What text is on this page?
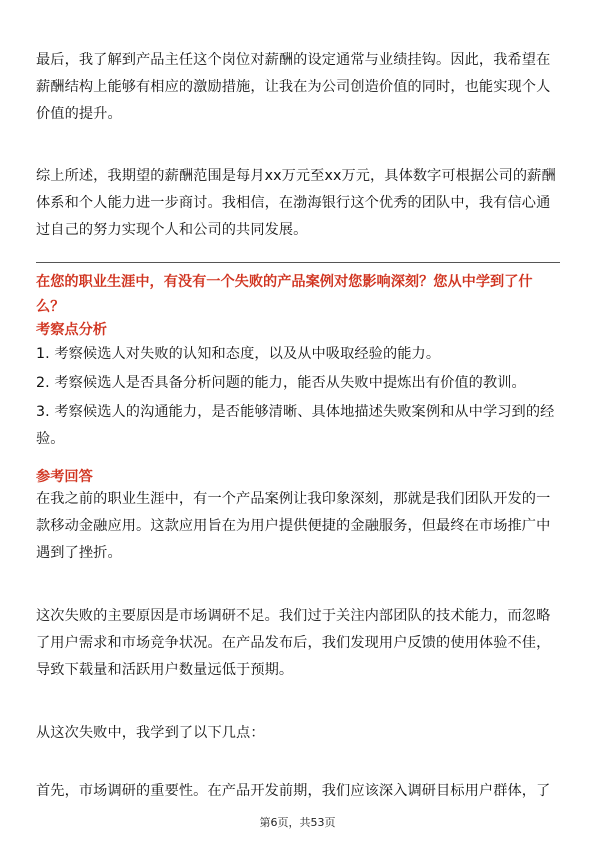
最后，我了解到产品主任这个岗位对薪酬的设定通常与业绩挂钩。因此，我希望在薪酬结构上能够有相应的激励措施，让我在为公司创造价值的同时，也能实现个人价值的提升。

综上所述，我期望的薪酬范围是每月xx万元至xx万元，具体数字可根据公司的薪酬体系和个人能力进一步商讨。我相信，在渤海银行这个优秀的团队中，我有信心通过自己的努力实现个人和公司的共同发展。

在您的职业生涯中，有没有一个失败的产品案例对您影响深刻？您从中学到了什么？

考察点分析

1. 考察候选人对失败的认知和态度，以及从中吸取经验的能力。

2. 考察候选人是否具备分析问题的能力，能否从失败中提炼出有价值的教训。

3. 考察候选人的沟通能力，是否能够清晰、具体地描述失败案例和从中学习到的经验。

参考回答

在我之前的职业生涯中，有一个产品案例让我印象深刻，那就是我们团队开发的一款移动金融应用。这款应用旨在为用户提供便捷的金融服务，但最终在市场推广中遇到了挫折。

这次失败的主要原因是市场调研不足。我们过于关注内部团队的技术能力，而忽略了用户需求和市场竞争状况。在产品发布后，我们发现用户反馈的使用体验不佳，导致下载量和活跃用户数量远低于预期。

从这次失败中，我学到了以下几点：

首先，市场调研的重要性。在产品开发前期，我们应该深入调研目标用户群体，了

第6页，共53页
